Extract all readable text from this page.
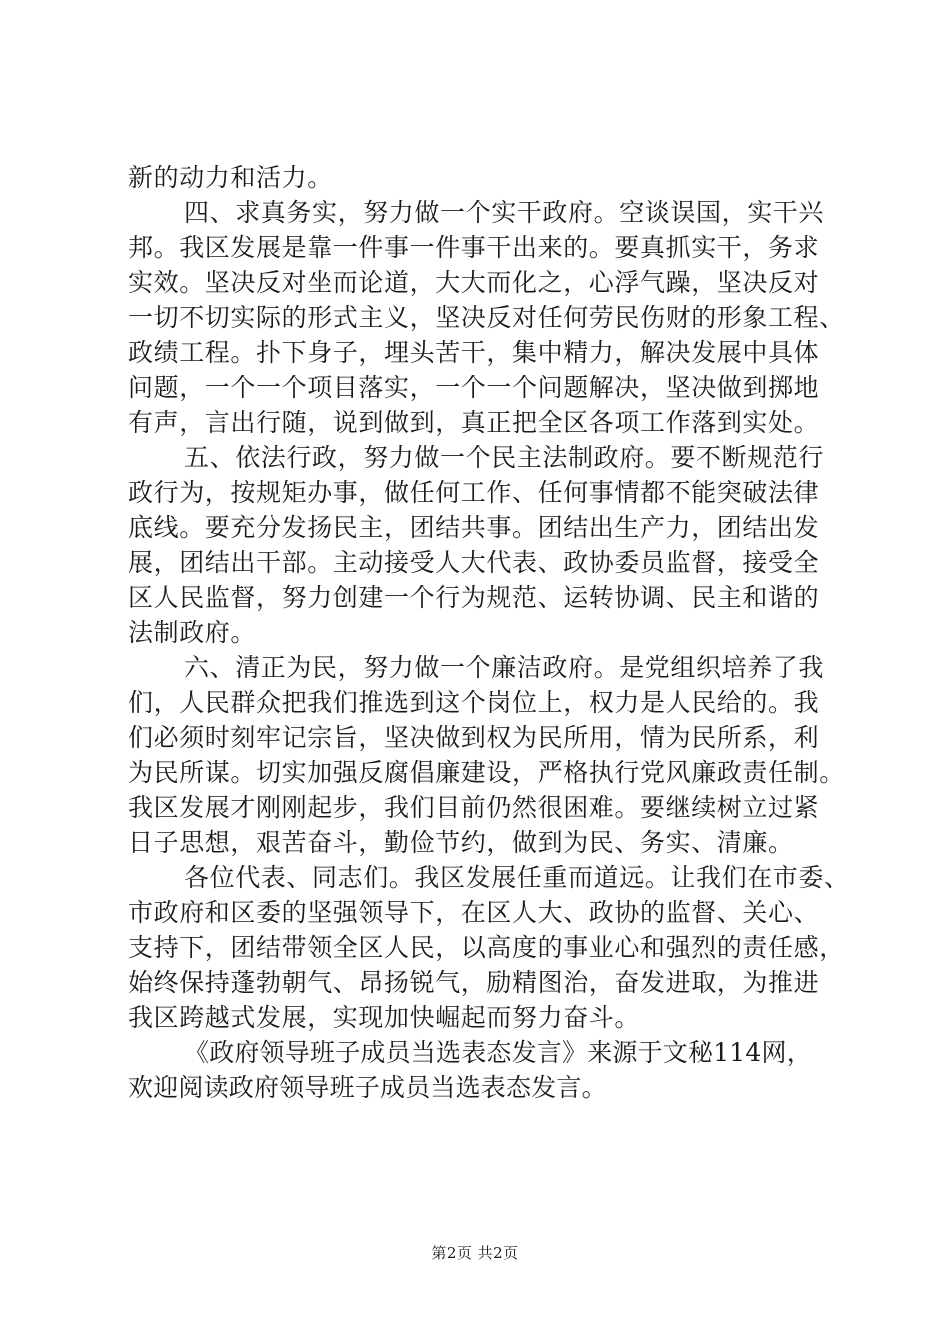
新的动力和活力。
四、求真务实，努力做一个实干政府。空谈误国，实干兴
邦。我区发展是靠一件事一件事干出来的。要真抓实干，务求
实效。坚决反对坐而论道，大大而化之，心浮气躁，坚决反对
一切不切实际的形式主义，坚决反对任何劳民伤财的形象工程、
政绩工程。扑下身子，埋头苦干，集中精力，解决发展中具体
问题，一个一个项目落实，一个一个问题解决，坚决做到掷地
有声，言出行随，说到做到，真正把全区各项工作落到实处。
五、依法行政，努力做一个民主法制政府。要不断规范行
政行为，按规矩办事，做任何工作、任何事情都不能突破法律
底线。要充分发扬民主，团结共事。团结出生产力，团结出发
展，团结出干部。主动接受人大代表、政协委员监督，接受全
区人民监督，努力创建一个行为规范、运转协调、民主和谐的
法制政府。
六、清正为民，努力做一个廉洁政府。是党组织培养了我
们，人民群众把我们推选到这个岗位上，权力是人民给的。我
们必须时刻牢记宗旨，坚决做到权为民所用，情为民所系，利
为民所谋。切实加强反腐倡廉建设，严格执行党风廉政责任制。
我区发展才刚刚起步，我们目前仍然很困难。要继续树立过紧
日子思想，艰苦奋斗，勤俭节约，做到为民、务实、清廉。
各位代表、同志们。我区发展任重而道远。让我们在市委、
市政府和区委的坚强领导下，在区人大、政协的监督、关心、
支持下，团结带领全区人民，以高度的事业心和强烈的责任感，
始终保持蓬勃朝气、昂扬锐气，励精图治，奋发进取，为推进
我区跨越式发展，实现加快崛起而努力奋斗。
《政府领导班子成员当选表态发言》来源于文秘114网，
欢迎阅读政府领导班子成员当选表态发言。
第2页 共2页
